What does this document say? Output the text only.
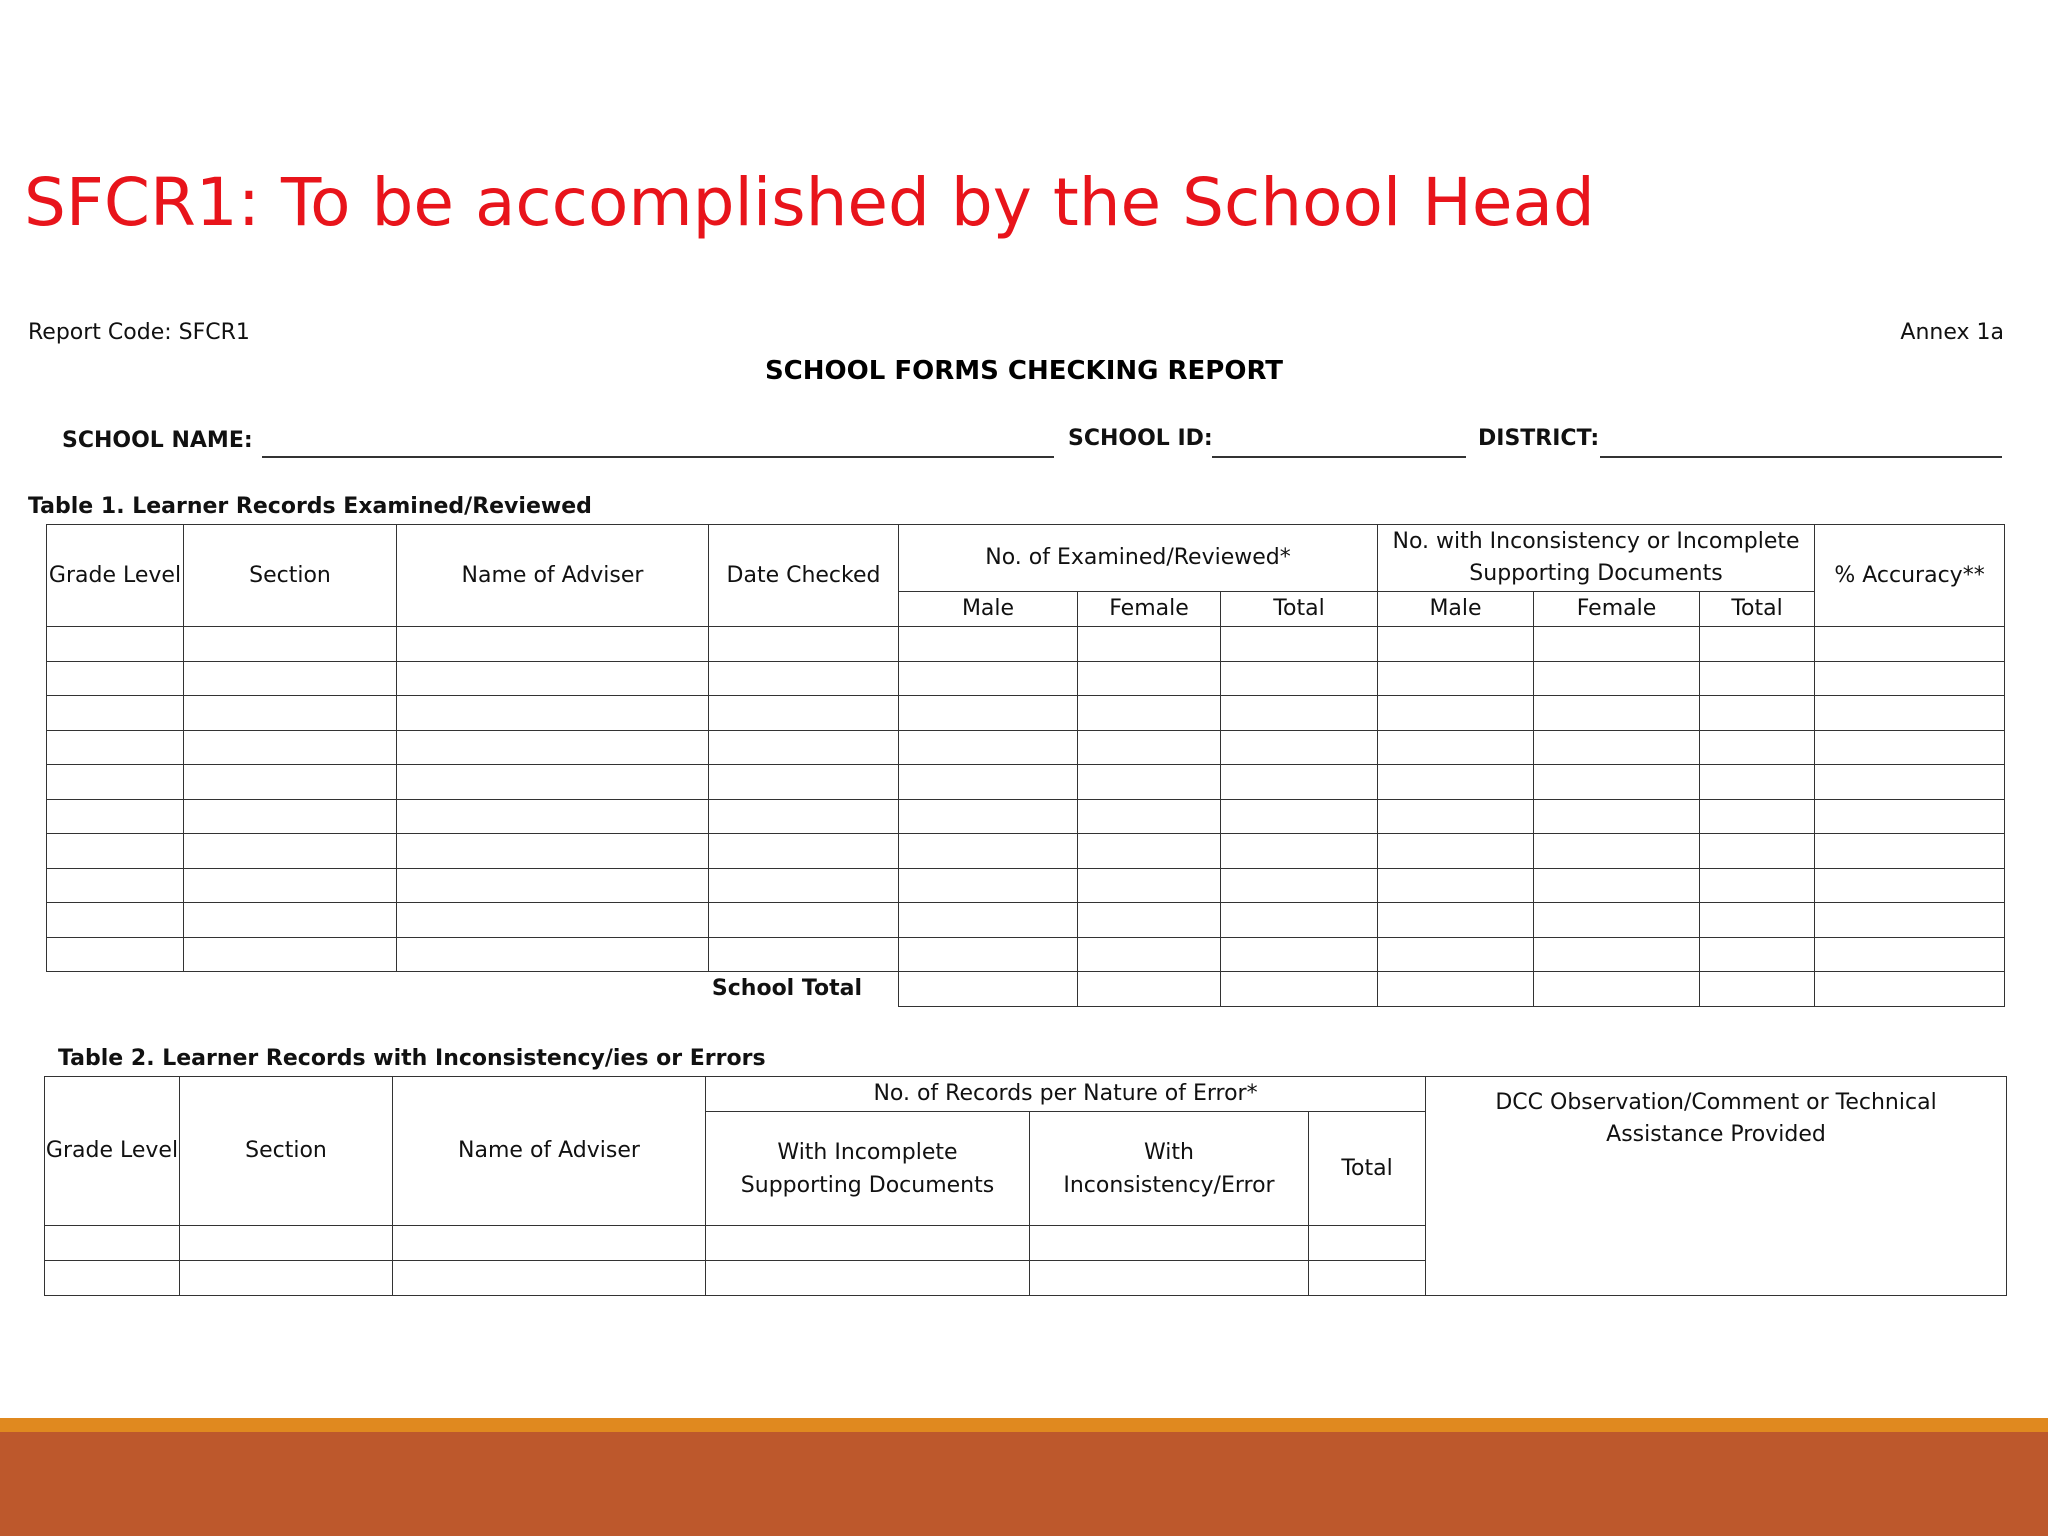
SFCR1: To be accomplished by the School Head
Report Code: SFCR1	Annex 1a
SCHOOL FORMS CHECKING REPORT
SCHOOL NAME:	SCHOOL ID:	DISTRICT:
Table 1. Learner Records Examined/Reviewed
Grade Level	Section	Name of Adviser	Date Checked	No. of Examined/Reviewed*			No. with Inconsistency or Incomplete Supporting Documents			% Accuracy**
				Male	Female	Total	Male	Female	Total	

School Total										
Table 2. Learner Records with Inconsistency/ies or Errors
Grade Level	Section	Name of Adviser	No. of Records per Nature of Error*			DCC Observation/Comment or Technical Assistance Provided
			With Incomplete Supporting Documents	With Inconsistency/Error	Total	
